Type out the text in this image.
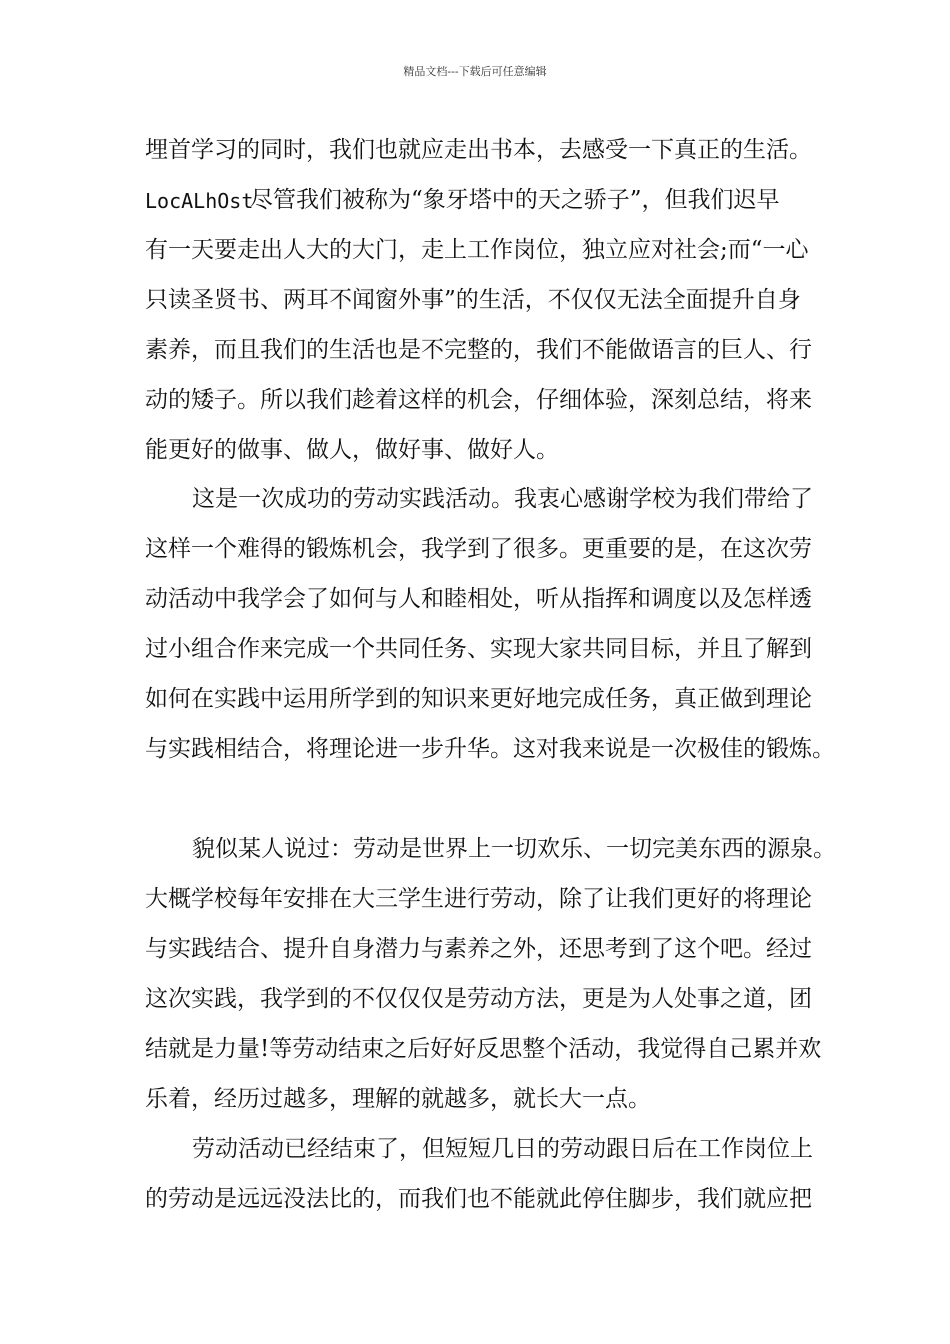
精品文档---下载后可任意编辑
埋首学习的同时，我们也就应走出书本，去感受一下真正的生活。
LocALhOst
尽管我们被称为“象牙塔中的天之骄子”，但我们迟早
有一天要走出人大的大门，走上工作岗位，独立应对社会;而“一心
只读圣贤书、两耳不闻窗外事”的生活，不仅仅无法全面提升自身
素养，而且我们的生活也是不完整的，我们不能做语言的巨人、行
动的矮子。所以我们趁着这样的机会，仔细体验，深刻总结，将来
能更好的做事、做人，做好事、做好人。
这是一次成功的劳动实践活动。我衷心感谢学校为我们带给了
这样一个难得的锻炼机会，我学到了很多。更重要的是，在这次劳
动活动中我学会了如何与人和睦相处，听从指挥和调度以及怎样透
过小组合作来完成一个共同任务、实现大家共同目标，并且了解到
如何在实践中运用所学到的知识来更好地完成任务，真正做到理论
与实践相结合，将理论进一步升华。这对我来说是一次极佳的锻炼。
貌似某人说过：劳动是世界上一切欢乐、一切完美东西的源泉。
大概学校每年安排在大三学生进行劳动，除了让我们更好的将理论
与实践结合、提升自身潜力与素养之外，还思考到了这个吧。经过
这次实践，我学到的不仅仅仅是劳动方法，更是为人处事之道，团
结就是力量!等劳动结束之后好好反思整个活动，我觉得自己累并欢
乐着，经历过越多，理解的就越多，就长大一点。
劳动活动已经结束了，但短短几日的劳动跟日后在工作岗位上
的劳动是远远没法比的，而我们也不能就此停住脚步，我们就应把
